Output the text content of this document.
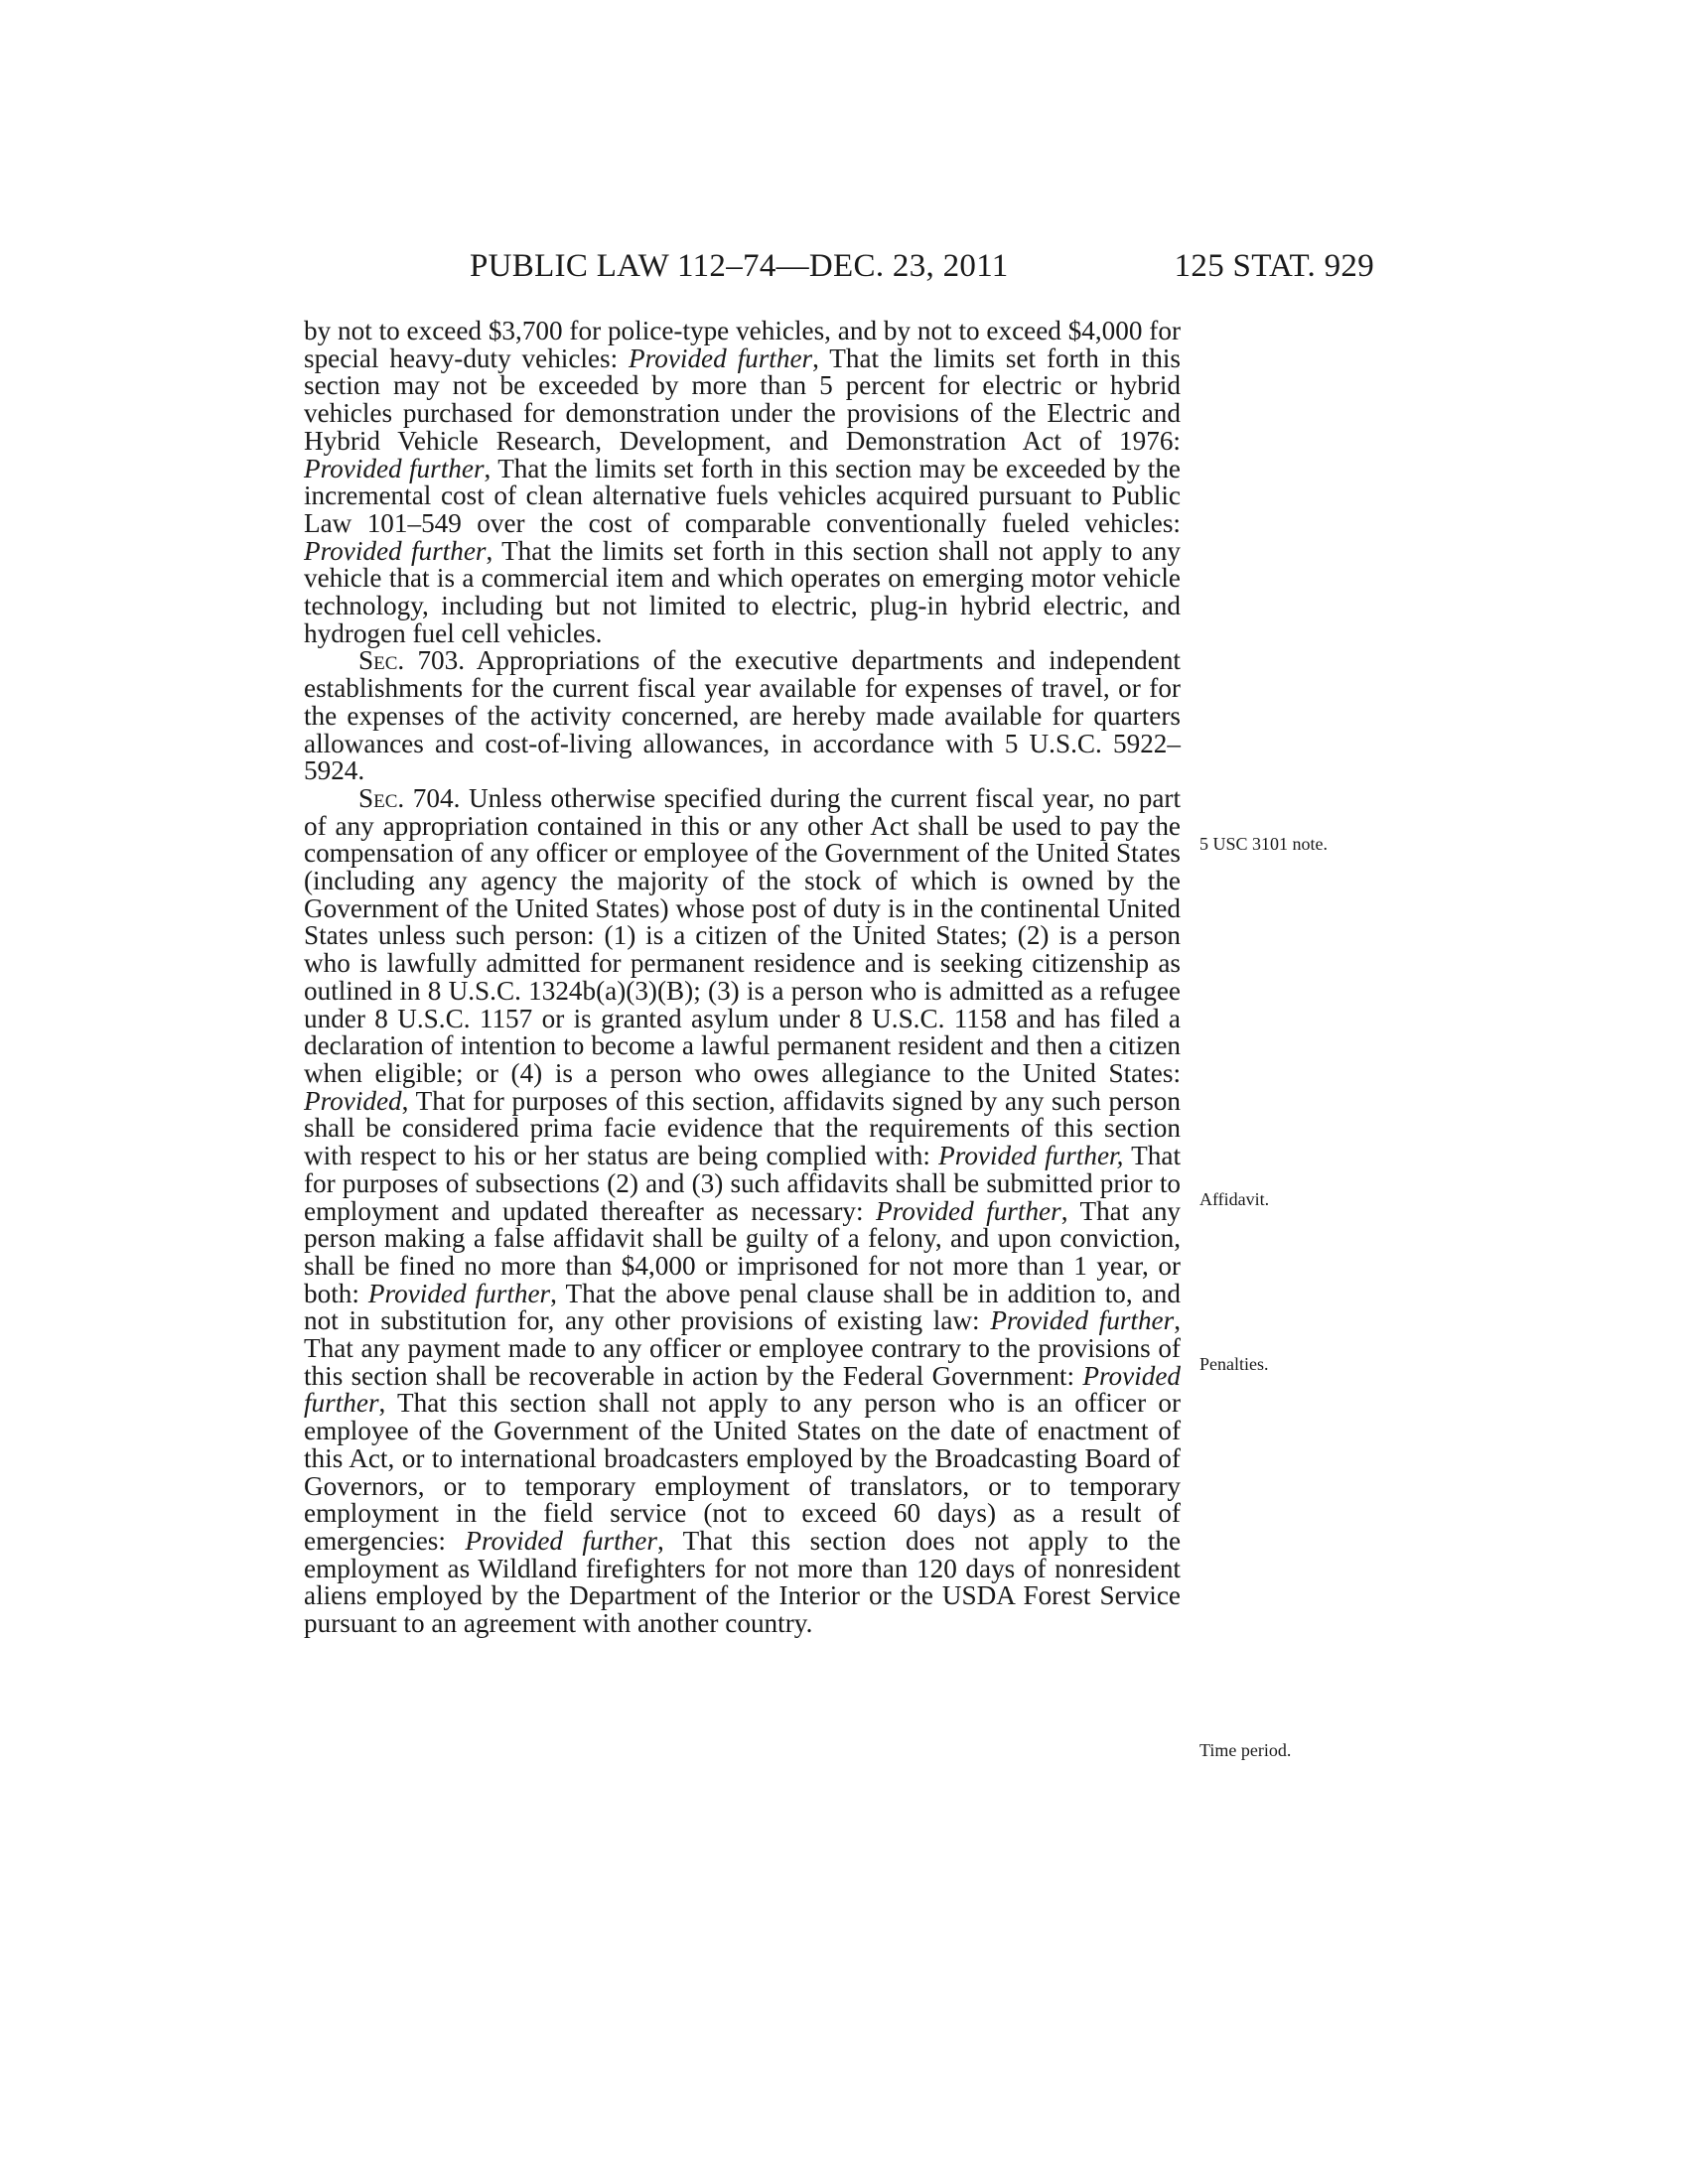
PUBLIC LAW 112–74—DEC. 23, 2011	125 STAT. 929

by not to exceed $3,700 for police-type vehicles, and by not to exceed $4,000 for special heavy-duty vehicles: Provided further, That the limits set forth in this section may not be exceeded by more than 5 percent for electric or hybrid vehicles purchased for demonstration under the provisions of the Electric and Hybrid Vehicle Research, Development, and Demonstration Act of 1976: Provided further, That the limits set forth in this section may be exceeded by the incremental cost of clean alternative fuels vehicles acquired pursuant to Public Law 101–549 over the cost of comparable conventionally fueled vehicles: Provided further, That the limits set forth in this section shall not apply to any vehicle that is a commercial item and which operates on emerging motor vehicle technology, including but not limited to electric, plug-in hybrid electric, and hydrogen fuel cell vehicles.

Sec. 703. Appropriations of the executive departments and independent establishments for the current fiscal year available for expenses of travel, or for the expenses of the activity concerned, are hereby made available for quarters allowances and cost-of-living allowances, in accordance with 5 U.S.C. 5922–5924.

Sec. 704. Unless otherwise specified during the current fiscal year, no part of any appropriation contained in this or any other Act shall be used to pay the compensation of any officer or employee of the Government of the United States (including any agency the majority of the stock of which is owned by the Government of the United States) whose post of duty is in the continental United States unless such person: (1) is a citizen of the United States; (2) is a person who is lawfully admitted for permanent residence and is seeking citizenship as outlined in 8 U.S.C. 1324b(a)(3)(B); (3) is a person who is admitted as a refugee under 8 U.S.C. 1157 or is granted asylum under 8 U.S.C. 1158 and has filed a declaration of intention to become a lawful permanent resident and then a citizen when eligible; or (4) is a person who owes allegiance to the United States: Provided, That for purposes of this section, affidavits signed by any such person shall be considered prima facie evidence that the requirements of this section with respect to his or her status are being complied with: Provided further, That for purposes of subsections (2) and (3) such affidavits shall be submitted prior to employment and updated thereafter as necessary: Provided further, That any person making a false affidavit shall be guilty of a felony, and upon conviction, shall be fined no more than $4,000 or imprisoned for not more than 1 year, or both: Provided further, That the above penal clause shall be in addition to, and not in substitution for, any other provisions of existing law: Provided further, That any payment made to any officer or employee contrary to the provisions of this section shall be recoverable in action by the Federal Government: Provided further, That this section shall not apply to any person who is an officer or employee of the Government of the United States on the date of enactment of this Act, or to international broadcasters employed by the Broadcasting Board of Governors, or to temporary employment of translators, or to temporary employment in the field service (not to exceed 60 days) as a result of emergencies: Provided further, That this section does not apply to the employment as Wildland firefighters for not more than 120 days of nonresident aliens employed by the Department of the Interior or the USDA Forest Service pursuant to an agreement with another country.

5 USC 3101 note.
Affidavit.
Penalties.
Time period.
